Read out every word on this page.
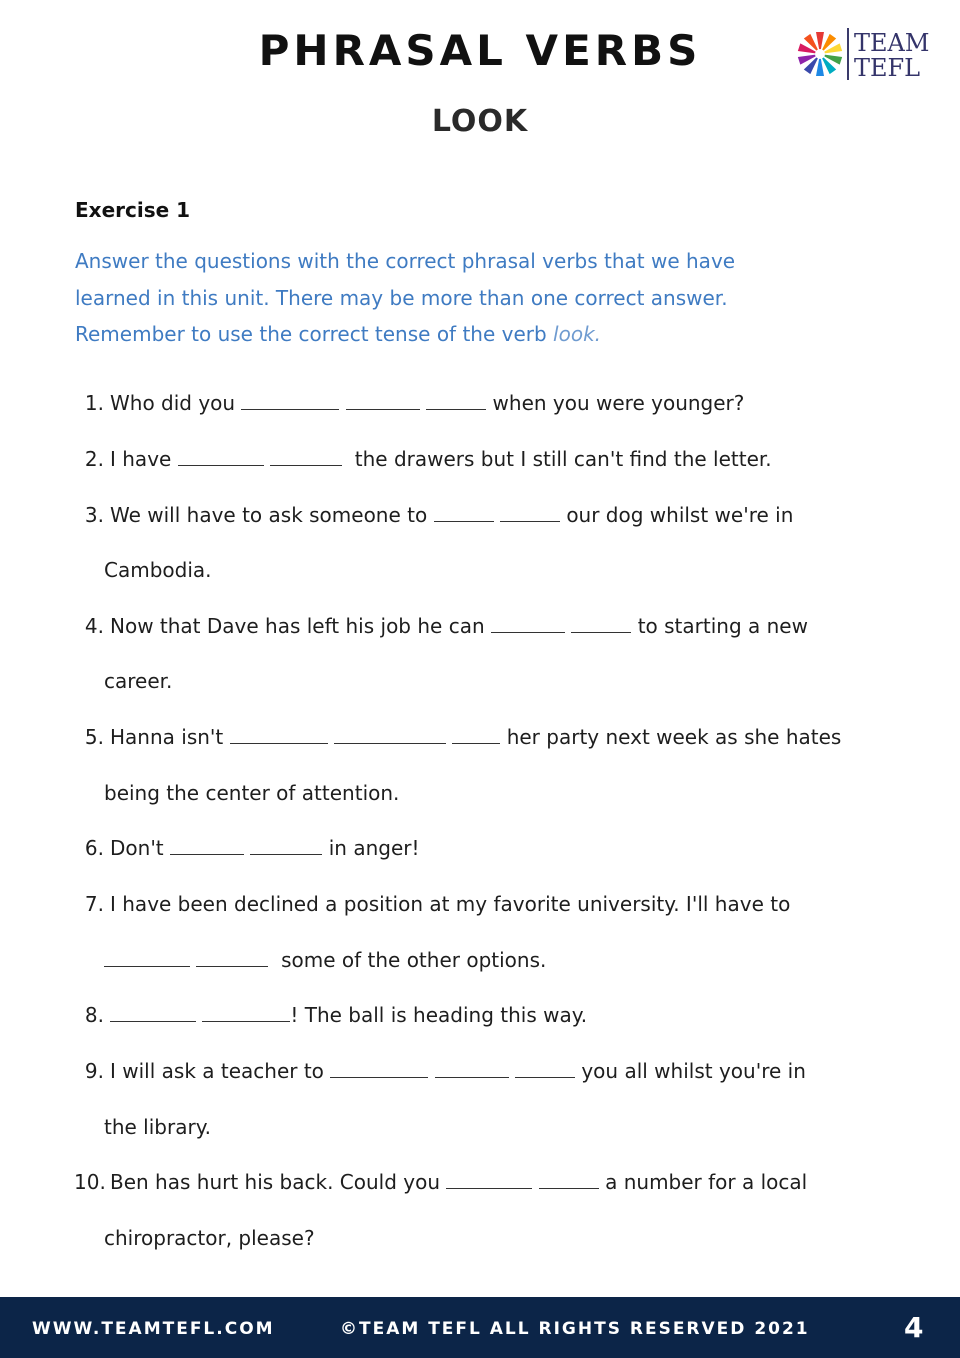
PHRASAL VERBS	TEAM
TEFL
LOOK
Exercise 1
Answer the questions with the correct phrasal verbs that we have
learned in this unit. There may be more than one correct answer.
Remember to use the correct tense of the verb look.
1. Who did you	when you were younger?
2. I have	the drawers but I still can't find the letter.
3. We will have to ask someone to	our dog whilst we're in
Cambodia.
4. Now that Dave has left his job he can	to starting a new
career.
5. Hanna isn't	her party next week as she hates
being the center of attention.
6. Don't	in anger!
7. I have been declined a position at my favorite university. I'll have to
some of the other options.
8.	! The ball is heading this way.
9. I will ask a teacher to	you all whilst you're in
the library.
10. Ben has hurt his back. Could you	a number for a local
chiropractor, please?
WWW.TEAMTEFL.COM	©TEAM TEFL ALL RIGHTS RESERVED 2021	4
